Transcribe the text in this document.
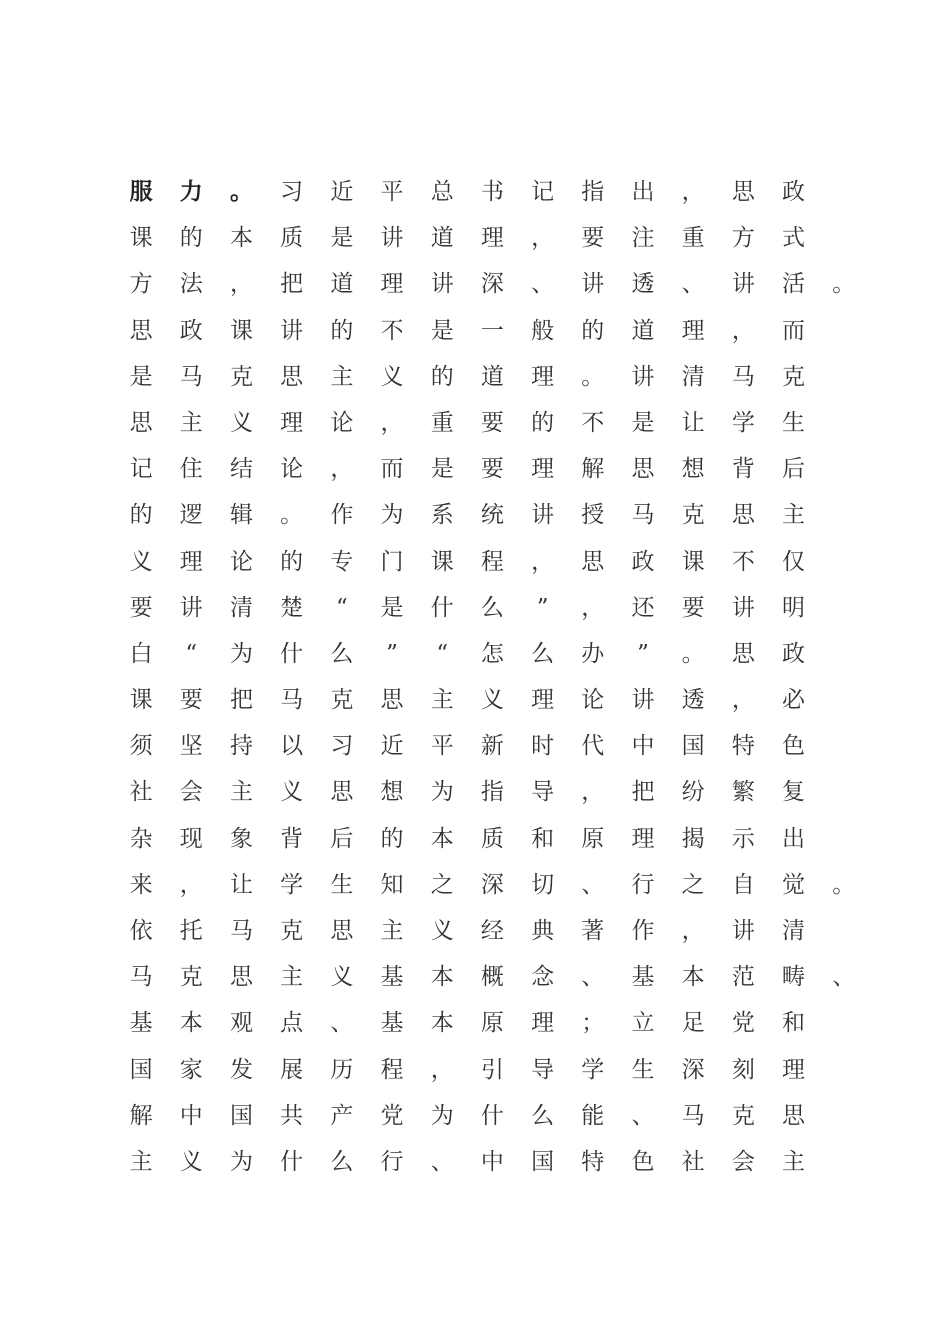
服 力 。 习 近 平 总 书 记 指 出 ， 思 政
课 的 本 质 是 讲 道 理 ， 要 注 重 方 式
方 法 ， 把 道 理 讲 深 、 讲 透 、 讲 活 。
思 政 课 讲 的 不 是 一 般 的 道 理 ， 而
是 马 克 思 主 义 的 道 理 。 讲 清 马 克
思 主 义 理 论 ， 重 要 的 不 是 让 学 生
记 住 结 论 ， 而 是 要 理 解 思 想 背 后
的 逻 辑 。 作 为 系 统 讲 授 马 克 思 主
义 理 论 的 专 门 课 程 ， 思 政 课 不 仅
要 讲 清 楚 “ 是 什 么 ” ， 还 要 讲 明
白 “ 为 什 么 ” “ 怎 么 办 ” 。 思 政
课 要 把 马 克 思 主 义 理 论 讲 透 ， 必
须 坚 持 以 习 近 平 新 时 代 中 国 特 色
社 会 主 义 思 想 为 指 导 ， 把 纷 繁 复
杂 现 象 背 后 的 本 质 和 原 理 揭 示 出
来 ， 让 学 生 知 之 深 切 、 行 之 自 觉 。
依 托 马 克 思 主 义 经 典 著 作 ， 讲 清
马 克 思 主 义 基 本 概 念 、 基 本 范 畴 、
基 本 观 点 、 基 本 原 理 ； 立 足 党 和
国 家 发 展 历 程 ， 引 导 学 生 深 刻 理
解 中 国 共 产 党 为 什 么 能 、 马 克 思
主 义 为 什 么 行 、 中 国 特 色 社 会 主
